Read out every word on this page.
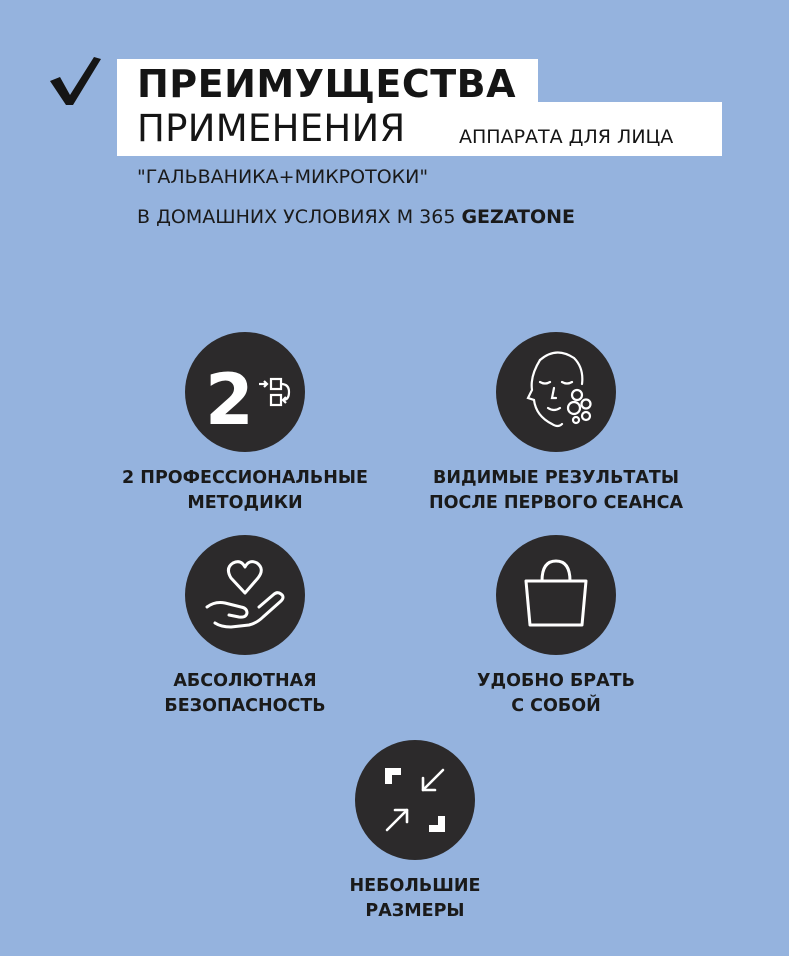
ПРЕИМУЩЕСТВА
ПРИМЕНЕНИЯ	АППАРАТА ДЛЯ ЛИЦА
"ГАЛЬВАНИКА+МИКРОТОКИ"
В ДОМАШНИХ УСЛОВИЯХ М 365 GEZATONE
2
2 ПРОФЕССИОНАЛЬНЫЕ
МЕТОДИКИ
ВИДИМЫЕ РЕЗУЛЬТАТЫ
ПОСЛЕ ПЕРВОГО СЕАНСА
АБСОЛЮТНАЯ
БЕЗОПАСНОСТЬ
УДОБНО БРАТЬ
С СОБОЙ
НЕБОЛЬШИЕ
РАЗМЕРЫ
